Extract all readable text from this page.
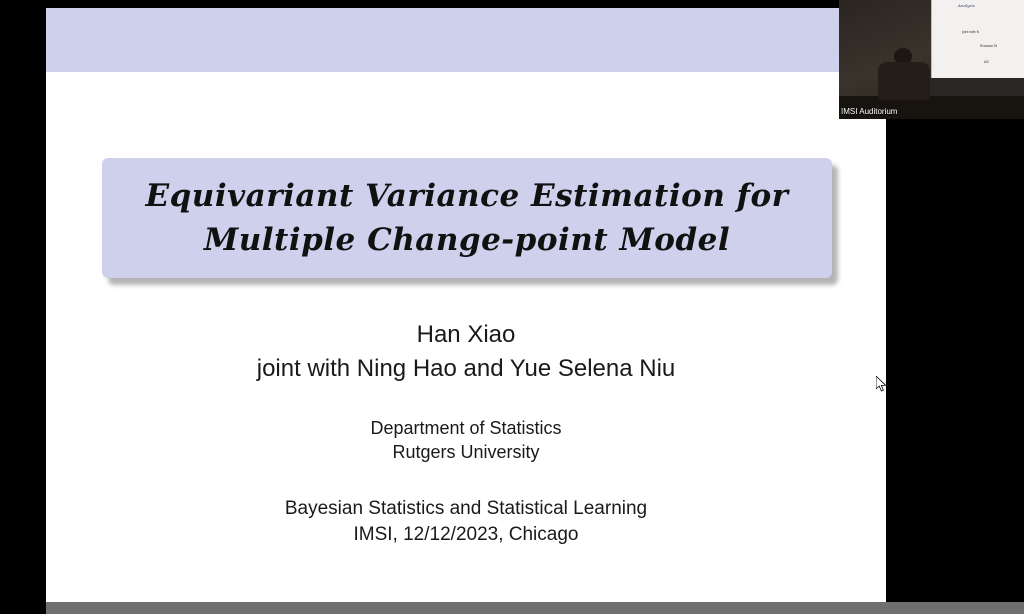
Equivariant Variance Estimation for
Multiple Change-point Model
Han Xiao
joint with Ning Hao and Yue Selena Niu
Department of Statistics
Rutgers University
Bayesian Statistics and Statistical Learning
IMSI, 12/12/2023, Chicago
Analysis
joint with N
Russian St
AS
IMSI Auditorium
